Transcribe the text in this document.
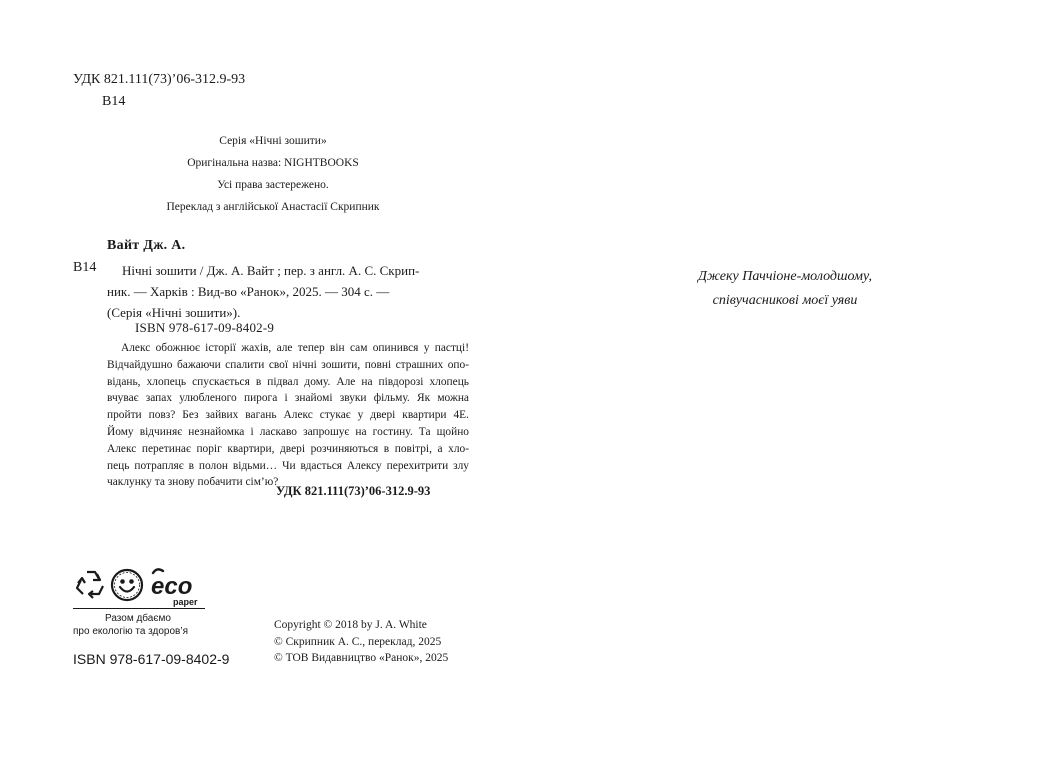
УДК 821.111(73)’06-312.9-93
В14
Серія «Нічні зошити»
Оригінальна назва: NIGHTBOOKS
Усі права застережено.
Переклад з англійської Анастасії Скрипник
Вайт Дж. А.
В14	Нічні зошити / Дж. А. Вайт ; пер. з англ. А. С. Скрип-
ник. — Харків : Вид-во «Ранок», 2025. — 304 с. —
(Серія «Нічні зошити»).
ISBN 978-617-09-8402-9
Алекс обожнює історії жахів, але тепер він сам опинився у пастці!
Відчайдушно бажаючи спалити свої нічні зошити, повні страшних опо-
відань, хлопець спускається в підвал дому. Але на півдорозі хлопець
вчуває запах улюбленого пирога і знайомі звуки фільму. Як можна
пройти повз? Без зайвих вагань Алекс стукає у двері квартири 4Е.
Йому відчиняє незнайомка і ласкаво запрошує на гостину. Та щойно
Алекс перетинає поріг квартири, двері розчиняються в повітрі, а хло-
пець потрапляє в полон відьми… Чи вдасться Алексу перехитрити злу
чаклунку та знову побачити сім’ю?
УДК 821.111(73)’06-312.9-93
Джеку Паччіоне-молодшому,
співучасникові моєї уяви
eco
paper
Разом дбаємо
про екологію та здоров’я
ISBN 978-617-09-8402-9
Copyright © 2018 by J. A. White
© Скрипник А. С., переклад, 2025
© ТОВ Видавництво «Ранок», 2025
